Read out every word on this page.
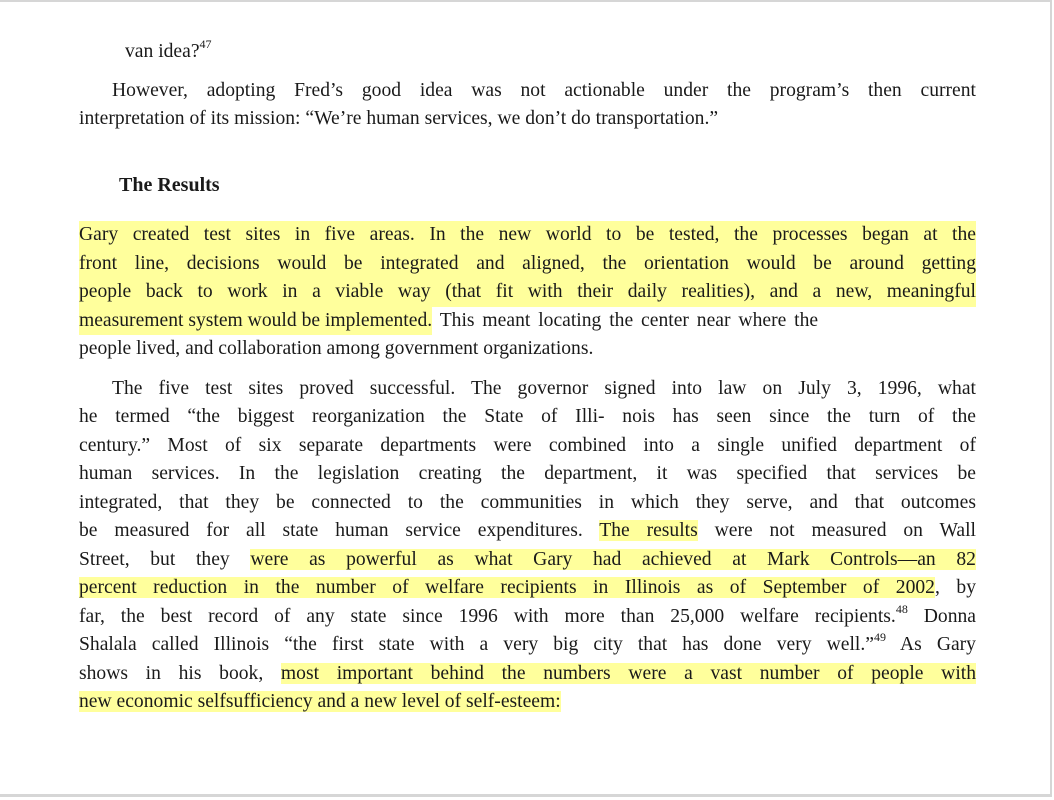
van idea?$^{47}$
However, adopting Fred’s good idea was not actionable under the program’s then current
interpretation of its mission: “We’re human services, we don’t do transportation.”
The Results
Gary created test sites in five areas. In the new world to be tested, the processes began at the
front line, decisions would be integrated and aligned, the orientation would be around getting
people back to work in a viable way (that fit with their daily realities), and a new, meaningful
measurement system would be implemented. This meant locating the center near where the
people lived, and collaboration among government organizations.
The five test sites proved successful. The governor signed into law on July 3, 1996, what
he termed “the biggest reorganization the State of Illi- nois has seen since the turn of the
century.” Most of six separate departments were combined into a single unified department of
human services. In the legislation creating the department, it was specified that services be
integrated, that they be connected to the communities in which they serve, and that outcomes
be measured for all state human service expenditures. The results were not measured on Wall
Street, but they were as powerful as what Gary had achieved at Mark Controls—an 82
percent reduction in the number of welfare recipients in Illinois as of September of 2002, by
far, the best record of any state since 1996 with more than 25,000 welfare recipients.$^{48}$ Donna
Shalala called Illinois “the first state with a very big city that has done very well.”$^{49}$ As Gary
shows in his book, most important behind the numbers were a vast number of people with
new economic selfsufficiency and a new level of self-esteem:
